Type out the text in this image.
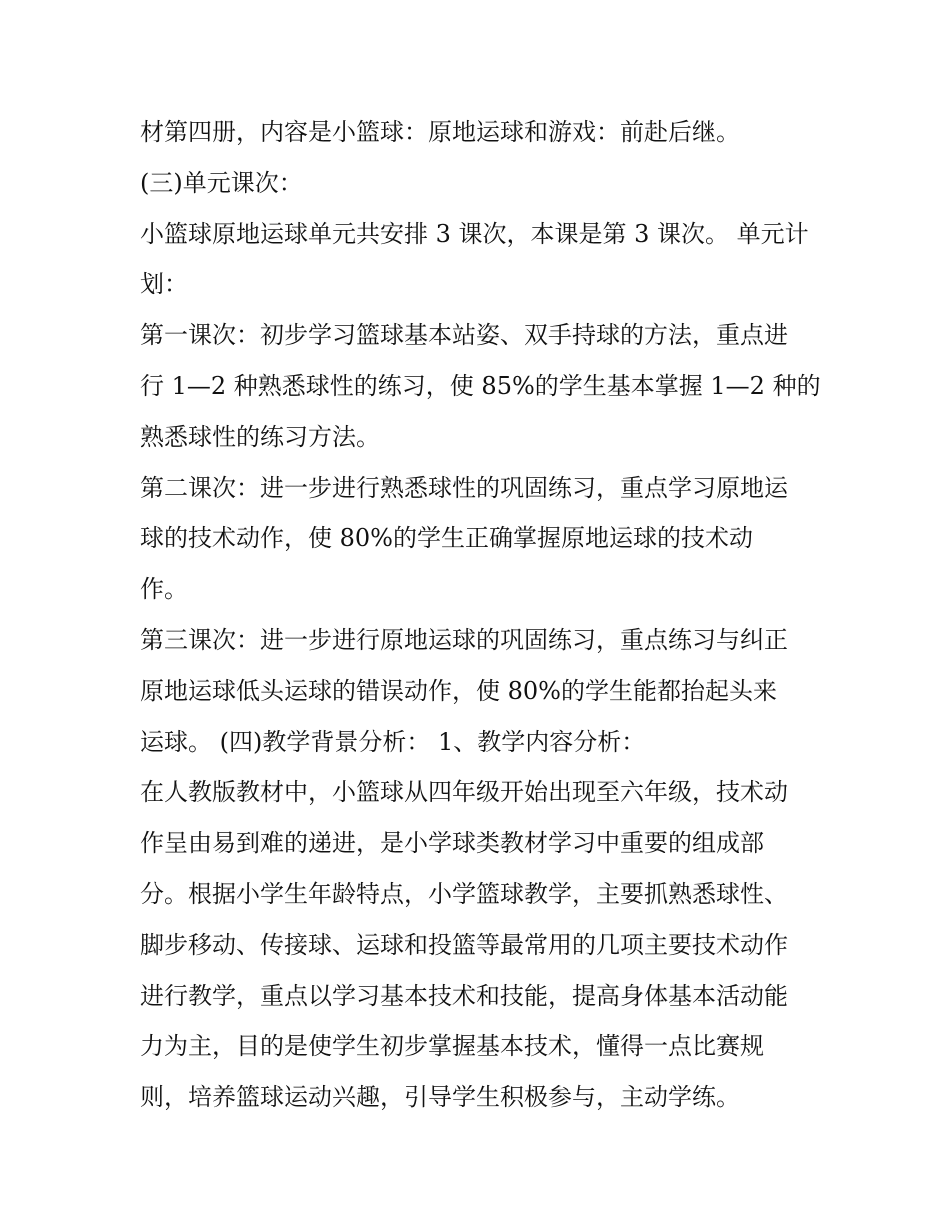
材第四册，内容是小篮球：原地运球和游戏：前赴后继。

(三)单元课次：

小篮球原地运球单元共安排 3 课次，本课是第 3 课次。 单元计

划：

第一课次：初步学习篮球基本站姿、双手持球的方法，重点进

行 1—2 种熟悉球性的练习，使 85%的学生基本掌握 1—2 种的

熟悉球性的练习方法。

第二课次：进一步进行熟悉球性的巩固练习，重点学习原地运

球的技术动作，使 80%的学生正确掌握原地运球的技术动

作。

第三课次：进一步进行原地运球的巩固练习，重点练习与纠正

原地运球低头运球的错误动作，使 80%的学生能都抬起头来

运球。 (四)教学背景分析： 1、教学内容分析：

在人教版教材中，小篮球从四年级开始出现至六年级，技术动

作呈由易到难的递进，是小学球类教材学习中重要的组成部

分。根据小学生年龄特点，小学篮球教学，主要抓熟悉球性、

脚步移动、传接球、运球和投篮等最常用的几项主要技术动作

进行教学，重点以学习基本技术和技能，提高身体基本活动能

力为主，目的是使学生初步掌握基本技术，懂得一点比赛规

则，培养篮球运动兴趣，引导学生积极参与，主动学练。
